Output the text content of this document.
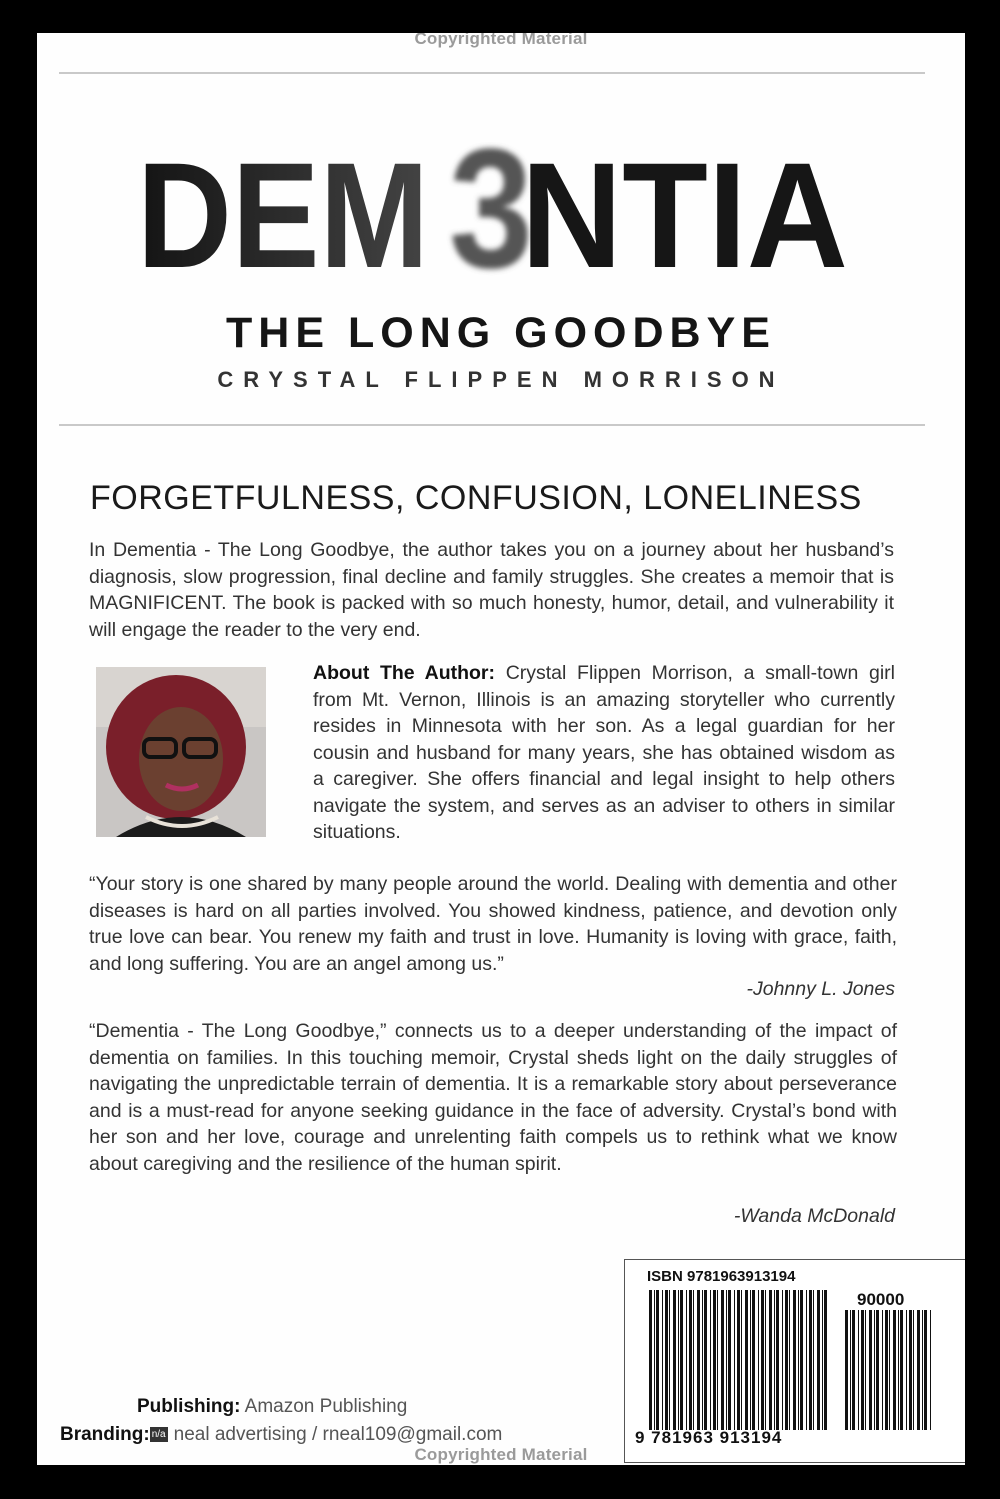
Copyrighted Material
DEM 3
NTIA
THE LONG GOODBYE
CRYSTAL FLIPPEN MORRISON
FORGETFULNESS, CONFUSION, LONELINESS
In Dementia - The Long Goodbye, the author takes you on a journey about her husband’s diagnosis, slow progression, final decline and family struggles. She creates a memoir that is MAGNIFICENT. The book is packed with so much honesty, humor, detail, and vulnerability it will engage the reader to the very end.
About The Author: Crystal Flippen Morrison, a small-town girl from Mt. Vernon, Illinois is an amazing storyteller who currently resides in Minnesota with her son. As a legal guardian for her cousin and husband for many years, she has obtained wisdom as a caregiver. She offers financial and legal insight to help others navigate the system, and serves as an adviser to others in similar situations.
“Your story is one shared by many people around the world. Dealing with dementia and other diseases is hard on all parties involved. You showed kindness, patience, and devotion only true love can bear. You renew my faith and trust in love. Humanity is loving with grace, faith, and long suffering. You are an angel among us.”
-Johnny L. Jones
“Dementia - The Long Goodbye,” connects us to a deeper understanding of the impact of dementia on families. In this touching memoir, Crystal sheds light on the daily struggles of navigating the unpredictable terrain of dementia. It is a remarkable story about perseverance and is a must-read for anyone seeking guidance in the face of adversity. Crystal’s bond with her son and her love, courage and unrelenting faith compels us to rethink what we know about caregiving and the resilience of the human spirit.
-Wanda McDonald
ISBN 9781963913194
90000
9 781963 913194
Publishing: Amazon Publishing
Branding: n/a neal advertising / rneal109@gmail.com
Copyrighted Material
